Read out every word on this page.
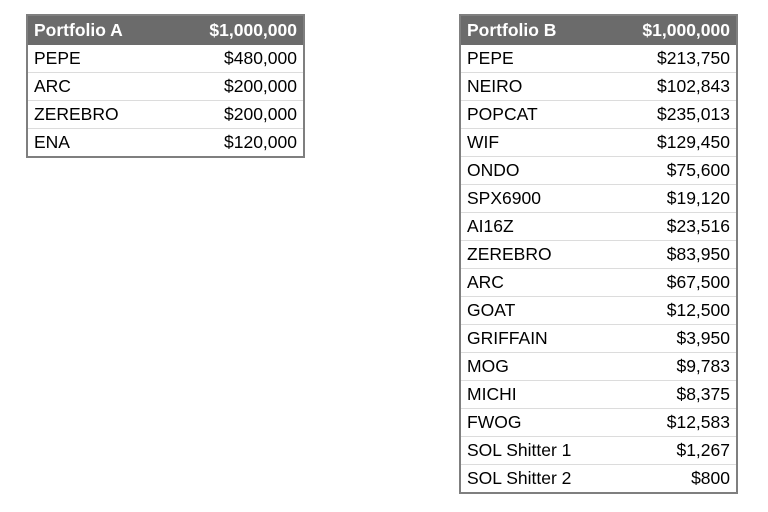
Portfolio A	$1,000,000
PEPE	$480,000
ARC	$200,000
ZEREBRO	$200,000
ENA	$120,000
Portfolio B	$1,000,000
PEPE	$213,750
NEIRO	$102,843
POPCAT	$235,013
WIF	$129,450
ONDO	$75,600
SPX6900	$19,120
AI16Z	$23,516
ZEREBRO	$83,950
ARC	$67,500
GOAT	$12,500
GRIFFAIN	$3,950
MOG	$9,783
MICHI	$8,375
FWOG	$12,583
SOL Shitter 1	$1,267
SOL Shitter 2	$800
